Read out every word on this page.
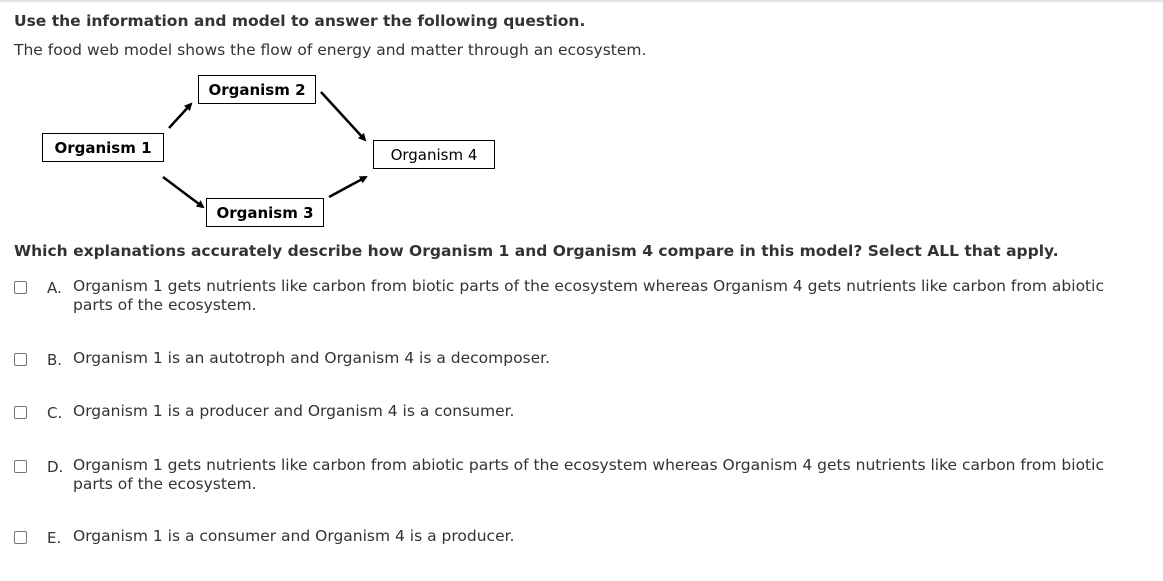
Use the information and model to answer the following question.
The food web model shows the flow of energy and matter through an ecosystem.
Organism 1
Organism 2
Organism 3
Organism 4
Which explanations accurately describe how Organism 1 and Organism 4 compare in this model? Select ALL that apply.
A. Organism 1 gets nutrients like carbon from biotic parts of the ecosystem whereas Organism 4 gets nutrients like carbon from abiotic parts of the ecosystem.
B. Organism 1 is an autotroph and Organism 4 is a decomposer.
C. Organism 1 is a producer and Organism 4 is a consumer.
D. Organism 1 gets nutrients like carbon from abiotic parts of the ecosystem whereas Organism 4 gets nutrients like carbon from biotic parts of the ecosystem.
E. Organism 1 is a consumer and Organism 4 is a producer.
